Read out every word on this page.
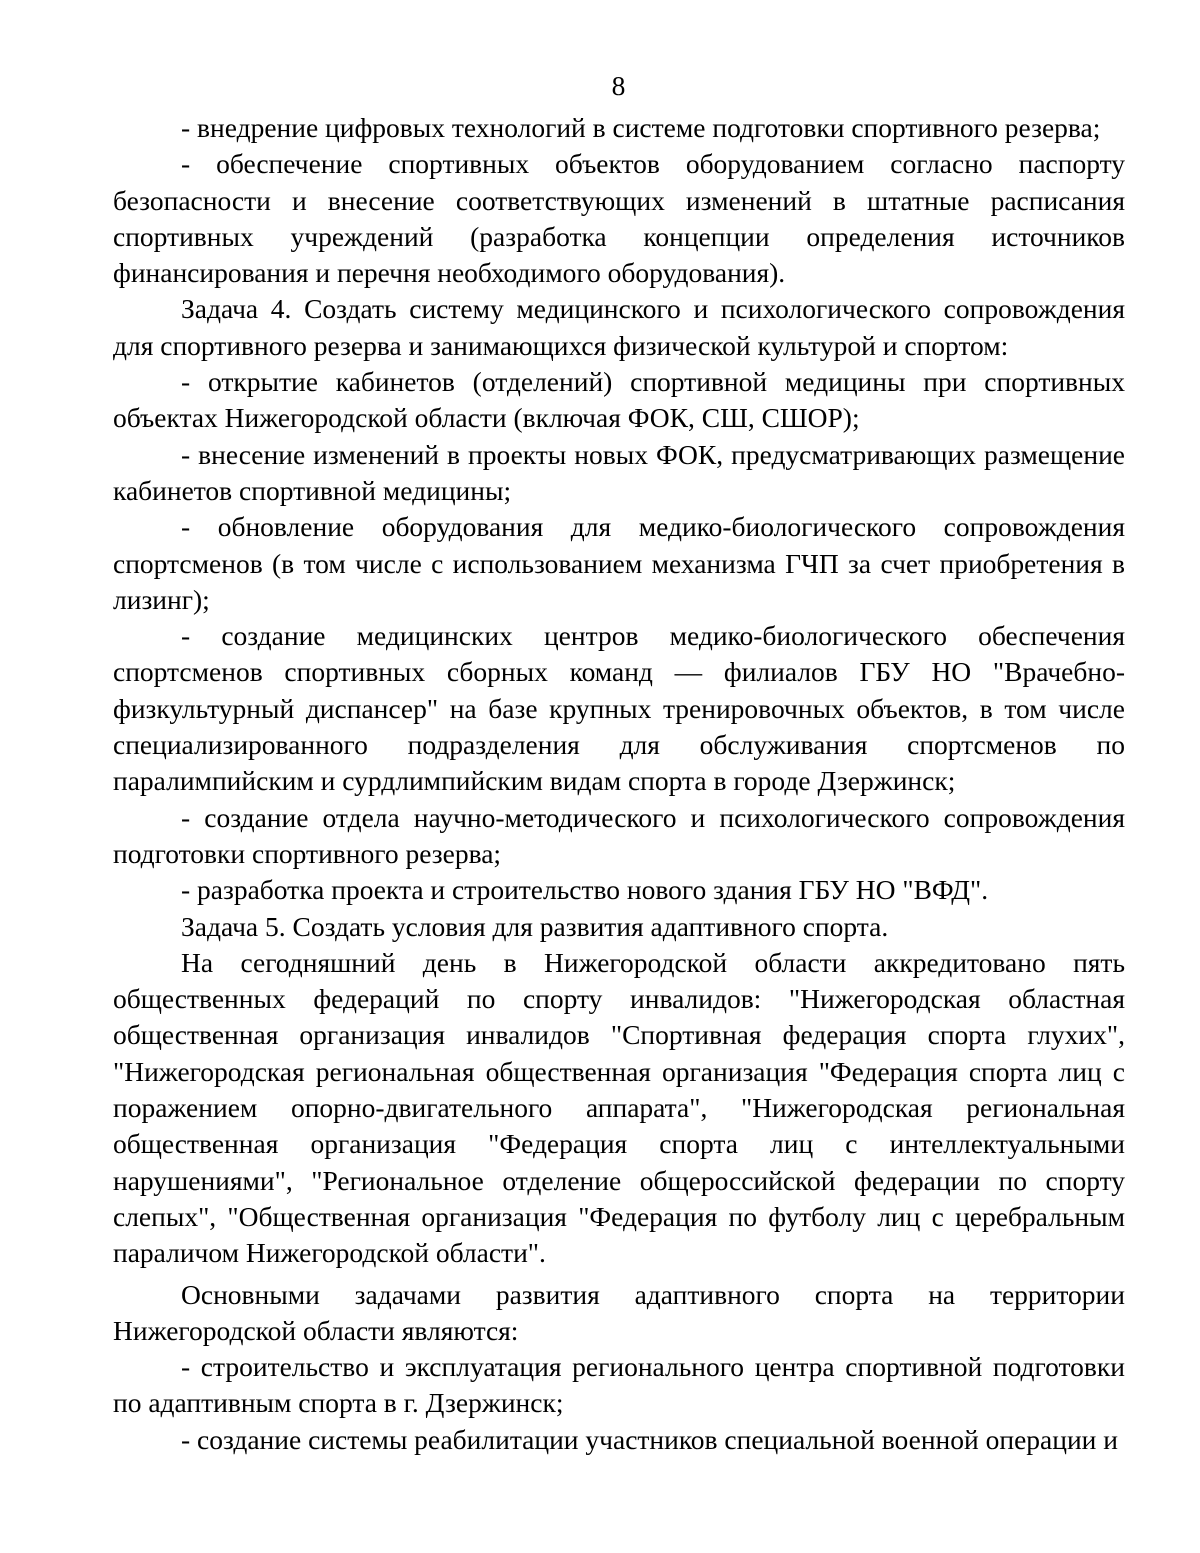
8

- внедрение цифровых технологий в системе подготовки спортивного резерва;

- обеспечение спортивных объектов оборудованием согласно паспорту безопасности и внесение соответствующих изменений в штатные расписания спортивных учреждений (разработка концепции определения источников финансирования и перечня необходимого оборудования).

Задача 4. Создать систему медицинского и психологического сопровождения для спортивного резерва и занимающихся физической культурой и спортом:

- открытие кабинетов (отделений) спортивной медицины при спортивных объектах Нижегородской области (включая ФОК, СШ, СШОР);

- внесение изменений в проекты новых ФОК, предусматривающих размещение кабинетов спортивной медицины;

- обновление оборудования для медико-биологического сопровождения спортсменов (в том числе с использованием механизма ГЧП за счет приобретения в лизинг);

- создание медицинских центров медико-биологического обеспечения спортсменов спортивных сборных команд — филиалов ГБУ НО "Врачебно-физкультурный диспансер" на базе крупных тренировочных объектов, в том числе специализированного подразделения для обслуживания спортсменов по паралимпийским и сурдлимпийским видам спорта в городе Дзержинск;

- создание отдела научно-методического и психологического сопровождения подготовки спортивного резерва;

- разработка проекта и строительство нового здания ГБУ НО "ВФД".

Задача 5. Создать условия для развития адаптивного спорта.

На сегодняшний день в Нижегородской области аккредитовано пять общественных федераций по спорту инвалидов: "Нижегородская областная общественная организация инвалидов "Спортивная федерация спорта глухих", "Нижегородская региональная общественная организация "Федерация спорта лиц с поражением опорно-двигательного аппарата", "Нижегородская региональная общественная организация "Федерация спорта лиц с интеллектуальными нарушениями", "Региональное отделение общероссийской федерации по спорту слепых", "Общественная организация "Федерация по футболу лиц с церебральным параличом Нижегородской области".

Основными задачами развития адаптивного спорта на территории Нижегородской области являются:

- строительство и эксплуатация регионального центра спортивной подготовки по адаптивным спорта в г. Дзержинск;

- создание системы реабилитации участников специальной военной операции и
